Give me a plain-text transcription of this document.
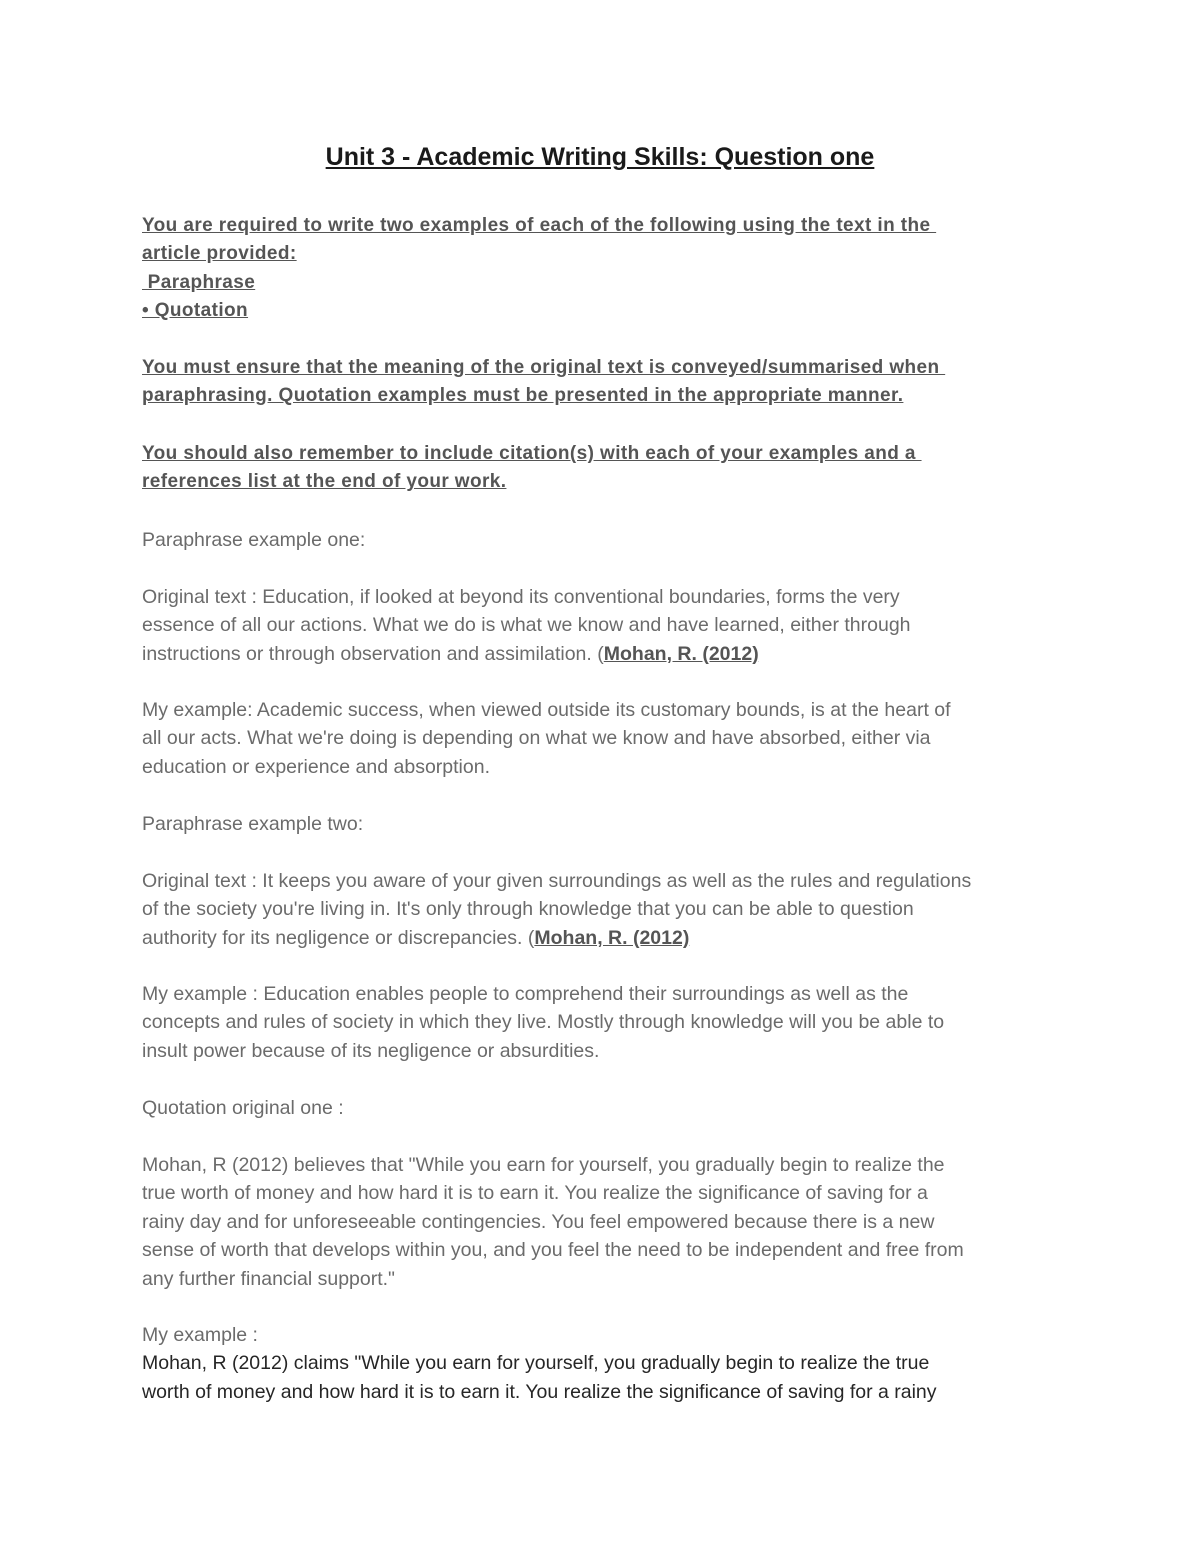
Unit 3 - Academic Writing Skills: Question one
You are required to write two examples of each of the following using the text in the
article provided:
Paraphrase
• Quotation
You must ensure that the meaning of the original text is conveyed/summarised when
paraphrasing. Quotation examples must be presented in the appropriate manner.
You should also remember to include citation(s) with each of your examples and a
references list at the end of your work.
Paraphrase example one:
Original text : Education, if looked at beyond its conventional boundaries, forms the very
essence of all our actions. What we do is what we know and have learned, either through
instructions or through observation and assimilation. (Mohan, R. (2012)
My example: Academic success, when viewed outside its customary bounds, is at the heart of
all our acts. What we're doing is depending on what we know and have absorbed, either via
education or experience and absorption.
Paraphrase example two:
Original text : It keeps you aware of your given surroundings as well as the rules and regulations
of the society you're living in. It's only through knowledge that you can be able to question
authority for its negligence or discrepancies. (Mohan, R. (2012)
My example : Education enables people to comprehend their surroundings as well as the
concepts and rules of society in which they live. Mostly through knowledge will you be able to
insult power because of its negligence or absurdities.
Quotation original one :
Mohan, R (2012) believes that "While you earn for yourself, you gradually begin to realize the
true worth of money and how hard it is to earn it. You realize the significance of saving for a
rainy day and for unforeseeable contingencies. You feel empowered because there is a new
sense of worth that develops within you, and you feel the need to be independent and free from
any further financial support."
My example :
Mohan, R (2012) claims "While you earn for yourself, you gradually begin to realize the true
worth of money and how hard it is to earn it. You realize the significance of saving for a rainy
